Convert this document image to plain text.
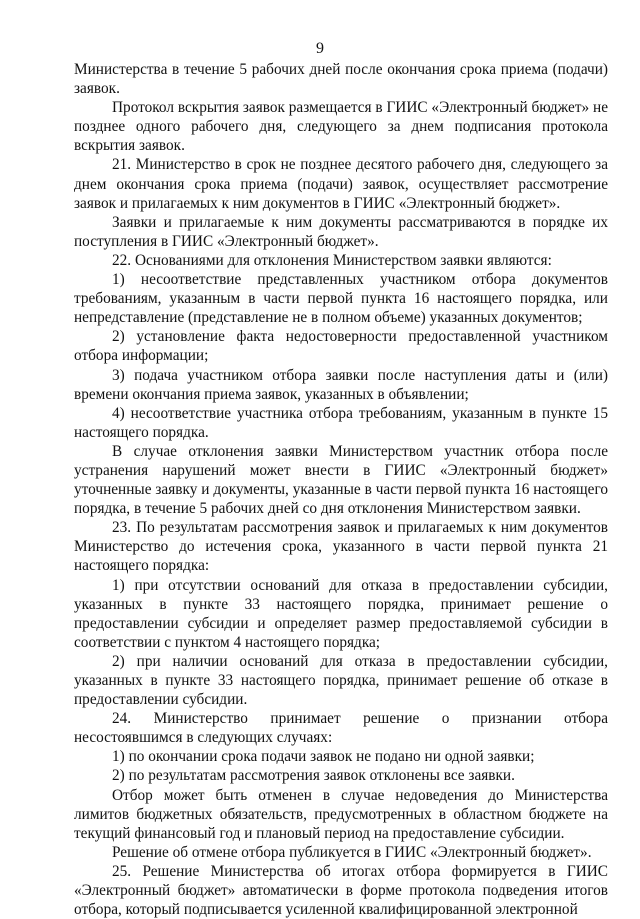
9

Министерства в течение 5 рабочих дней после окончания срока приема (подачи) заявок.

Протокол вскрытия заявок размещается в ГИИС «Электронный бюджет» не позднее одного рабочего дня, следующего за днем подписания протокола вскрытия заявок.

21. Министерство в срок не позднее десятого рабочего дня, следующего за днем окончания срока приема (подачи) заявок, осуществляет рассмотрение заявок и прилагаемых к ним документов в ГИИС «Электронный бюджет».

Заявки и прилагаемые к ним документы рассматриваются в порядке их поступления в ГИИС «Электронный бюджет».

22. Основаниями для отклонения Министерством заявки являются:

1) несоответствие представленных участником отбора документов требованиям, указанным в части первой пункта 16 настоящего порядка, или непредставление (представление не в полном объеме) указанных документов;

2) установление факта недостоверности предоставленной участником отбора информации;

3) подача участником отбора заявки после наступления даты и (или) времени окончания приема заявок, указанных в объявлении;

4) несоответствие участника отбора требованиям, указанным в пункте 15 настоящего порядка.

В случае отклонения заявки Министерством участник отбора после устранения нарушений может внести в ГИИС «Электронный бюджет» уточненные заявку и документы, указанные в части первой пункта 16 настоящего порядка, в течение 5 рабочих дней со дня отклонения Министерством заявки.

23. По результатам рассмотрения заявок и прилагаемых к ним документов Министерство до истечения срока, указанного в части первой пункта 21 настоящего порядка:

1) при отсутствии оснований для отказа в предоставлении субсидии, указанных в пункте 33 настоящего порядка, принимает решение о предоставлении субсидии и определяет размер предоставляемой субсидии в соответствии с пунктом 4 настоящего порядка;

2) при наличии оснований для отказа в предоставлении субсидии, указанных в пункте 33 настоящего порядка, принимает решение об отказе в предоставлении субсидии.

24. Министерство принимает решение о признании отбора несостоявшимся в следующих случаях:

1) по окончании срока подачи заявок не подано ни одной заявки;

2) по результатам рассмотрения заявок отклонены все заявки.

Отбор может быть отменен в случае недоведения до Министерства лимитов бюджетных обязательств, предусмотренных в областном бюджете на текущий финансовый год и плановый период на предоставление субсидии.

Решение об отмене отбора публикуется в ГИИС «Электронный бюджет».

25. Решение Министерства об итогах отбора формируется в ГИИС «Электронный бюджет» автоматически в форме протокола подведения итогов отбора, который подписывается усиленной квалифицированной электронной
